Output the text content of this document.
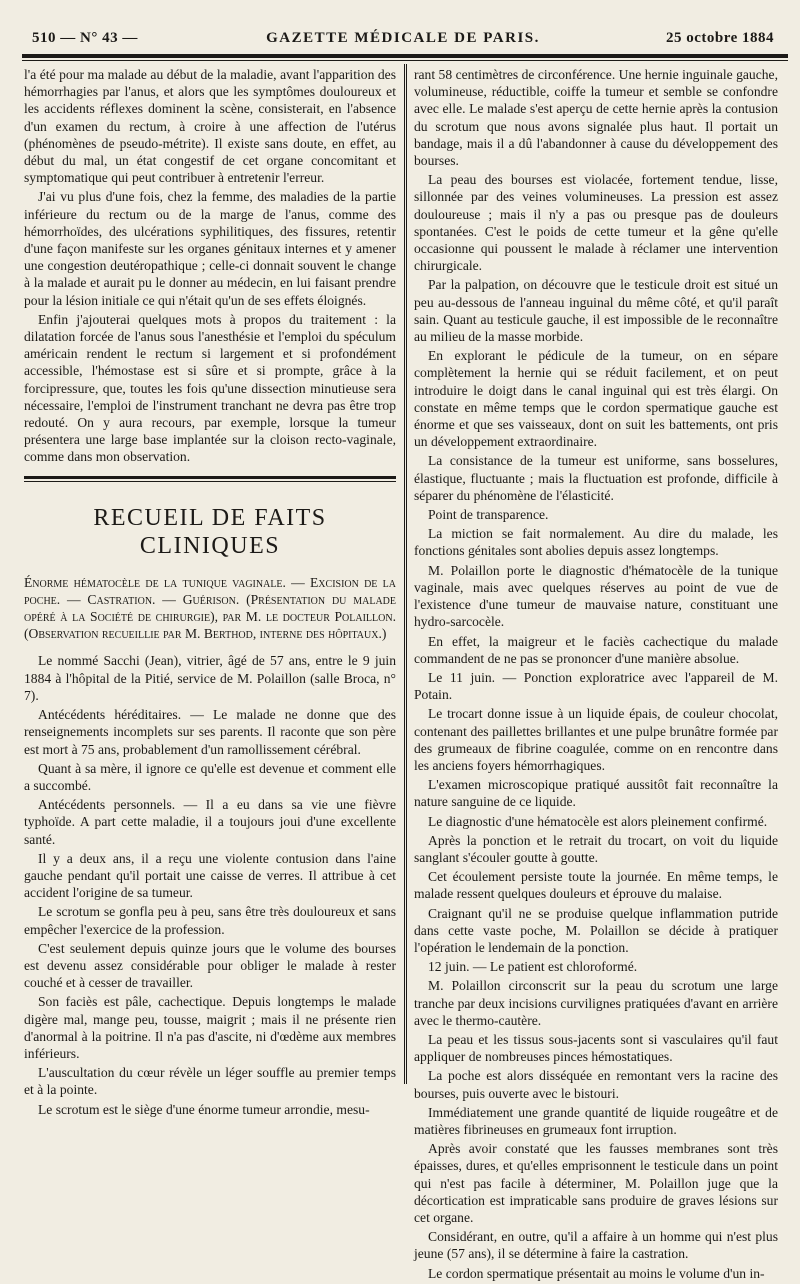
510 — N° 43 —	GAZETTE MÉDICALE DE PARIS.	25 octobre 1884

l'a été pour ma malade au début de la maladie, avant l'apparition des hémorrhagies par l'anus, et alors que les symptômes douloureux et les accidents réflexes dominent la scène, consisterait, en l'absence d'un examen du rectum, à croire à une affection de l'utérus (phénomènes de pseudo-métrite). Il existe sans doute, en effet, au début du mal, un état congestif de cet organe concomitant et symptomatique qui peut contribuer à entretenir l'erreur.

J'ai vu plus d'une fois, chez la femme, des maladies de la partie inférieure du rectum ou de la marge de l'anus, comme des hémorrhoïdes, des ulcérations syphilitiques, des fissures, retentir d'une façon manifeste sur les organes génitaux internes et y amener une congestion deutéropathique ; celle-ci donnait souvent le change à la malade et aurait pu le donner au médecin, en lui faisant prendre pour la lésion initiale ce qui n'était qu'un de ses effets éloignés.

Enfin j'ajouterai quelques mots à propos du traitement : la dilatation forcée de l'anus sous l'anesthésie et l'emploi du spéculum américain rendent le rectum si largement et si profondément accessible, l'hémostase est si sûre et si prompte, grâce à la forcipressure, que, toutes les fois qu'une dissection minutieuse sera nécessaire, l'emploi de l'instrument tranchant ne devra pas être trop redouté. On y aura recours, par exemple, lorsque la tumeur présentera une large base implantée sur la cloison recto-vaginale, comme dans mon observation.

RECUEIL DE FAITS CLINIQUES

Énorme hématocèle de la tunique vaginale. — Excision de la poche. — Castration. — Guérison. (Présentation du malade opéré à la Société de chirurgie), par M. le docteur Polaillon. (Observation recueillie par M. Berthod, interne des hôpitaux.)

Le nommé Sacchi (Jean), vitrier, âgé de 57 ans, entre le 9 juin 1884 à l'hôpital de la Pitié, service de M. Polaillon (salle Broca, n° 7).

Antécédents héréditaires. — Le malade ne donne que des renseignements incomplets sur ses parents. Il raconte que son père est mort à 75 ans, probablement d'un ramollissement cérébral.

Quant à sa mère, il ignore ce qu'elle est devenue et comment elle a succombé.

Antécédents personnels. — Il a eu dans sa vie une fièvre typhoïde. A part cette maladie, il a toujours joui d'une excellente santé.

Il y a deux ans, il a reçu une violente contusion dans l'aine gauche pendant qu'il portait une caisse de verres. Il attribue à cet accident l'origine de sa tumeur.

Le scrotum se gonfla peu à peu, sans être très douloureux et sans empêcher l'exercice de la profession.

C'est seulement depuis quinze jours que le volume des bourses est devenu assez considérable pour obliger le malade à rester couché et à cesser de travailler.

Son faciès est pâle, cachectique. Depuis longtemps le malade digère mal, mange peu, tousse, maigrit ; mais il ne présente rien d'anormal à la poitrine. Il n'a pas d'ascite, ni d'œdème aux membres inférieurs.

L'auscultation du cœur révèle un léger souffle au premier temps et à la pointe.

Le scrotum est le siège d'une énorme tumeur arrondie, mesu-

rant 58 centimètres de circonférence. Une hernie inguinale gauche, volumineuse, réductible, coiffe la tumeur et semble se confondre avec elle. Le malade s'est aperçu de cette hernie après la contusion du scrotum que nous avons signalée plus haut. Il portait un bandage, mais il a dû l'abandonner à cause du développement des bourses.

La peau des bourses est violacée, fortement tendue, lisse, sillonnée par des veines volumineuses. La pression est assez douloureuse ; mais il n'y a pas ou presque pas de douleurs spontanées. C'est le poids de cette tumeur et la gêne qu'elle occasionne qui poussent le malade à réclamer une intervention chirurgicale.

Par la palpation, on découvre que le testicule droit est situé un peu au-dessous de l'anneau inguinal du même côté, et qu'il paraît sain. Quant au testicule gauche, il est impossible de le reconnaître au milieu de la masse morbide.

En explorant le pédicule de la tumeur, on en sépare complètement la hernie qui se réduit facilement, et on peut introduire le doigt dans le canal inguinal qui est très élargi. On constate en même temps que le cordon spermatique gauche est énorme et que ses vaisseaux, dont on suit les battements, ont pris un développement extraordinaire.

La consistance de la tumeur est uniforme, sans bosselures, élastique, fluctuante ; mais la fluctuation est profonde, difficile à séparer du phénomène de l'élasticité.

Point de transparence.

La miction se fait normalement. Au dire du malade, les fonctions génitales sont abolies depuis assez longtemps.

M. Polaillon porte le diagnostic d'hématocèle de la tunique vaginale, mais avec quelques réserves au point de vue de l'existence d'une tumeur de mauvaise nature, constituant une hydro-sarcocèle.

En effet, la maigreur et le faciès cachectique du malade commandent de ne pas se prononcer d'une manière absolue.

Le 11 juin. — Ponction exploratrice avec l'appareil de M. Potain.

Le trocart donne issue à un liquide épais, de couleur chocolat, contenant des paillettes brillantes et une pulpe brunâtre formée par des grumeaux de fibrine coagulée, comme on en rencontre dans les anciens foyers hémorrhagiques.

L'examen microscopique pratiqué aussitôt fait reconnaître la nature sanguine de ce liquide.

Le diagnostic d'une hématocèle est alors pleinement confirmé.

Après la ponction et le retrait du trocart, on voit du liquide sanglant s'écouler goutte à goutte.

Cet écoulement persiste toute la journée. En même temps, le malade ressent quelques douleurs et éprouve du malaise.

Craignant qu'il ne se produise quelque inflammation putride dans cette vaste poche, M. Polaillon se décide à pratiquer l'opération le lendemain de la ponction.

12 juin. — Le patient est chloroformé.

M. Polaillon circonscrit sur la peau du scrotum une large tranche par deux incisions curvilignes pratiquées d'avant en arrière avec le thermo-cautère.

La peau et les tissus sous-jacents sont si vasculaires qu'il faut appliquer de nombreuses pinces hémostatiques.

La poche est alors disséquée en remontant vers la racine des bourses, puis ouverte avec le bistouri.

Immédiatement une grande quantité de liquide rougeâtre et de matières fibrineuses en grumeaux font irruption.

Après avoir constaté que les fausses membranes sont très épaisses, dures, et qu'elles emprisonnent le testicule dans un point qui n'est pas facile à déterminer, M. Polaillon juge que la décortication est impraticable sans produire de graves lésions sur cet organe.

Considérant, en outre, qu'il a affaire à un homme qui n'est plus jeune (57 ans), il se détermine à faire la castration.

Le cordon spermatique présentait au moins le volume d'un in-
